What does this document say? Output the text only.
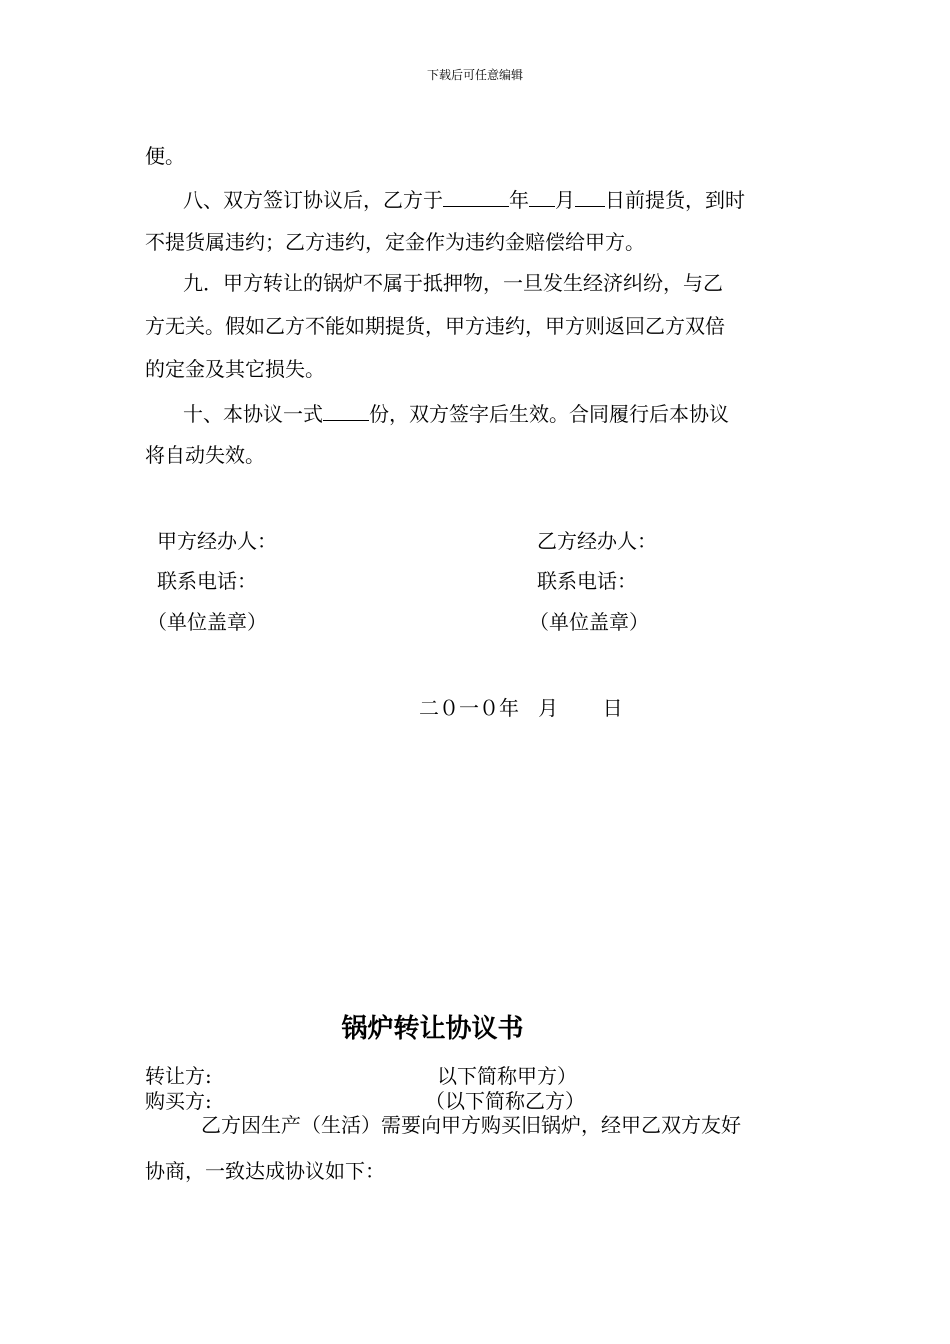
下载后可任意编辑
便。
八、双方签订协议后，乙方于	年 月 日前提货，到时
不提货属违约；乙方违约，定金作为违约金赔偿给甲方。
九．甲方转让的锅炉不属于抵押物，一旦发生经济纠纷，与乙
方无关。假如乙方不能如期提货，甲方违约，甲方则返回乙方双倍
的定金及其它损失。
十、本协议一式 份，双方签字后生效。合同履行后本协议
将自动失效。
甲方经办人：	乙方经办人：
联系电话：	联系电话：
（单位盖章）	（单位盖章）
二０一０年   月       日
锅炉转让协议书
转让方:	以下简称甲方）
购买方:	（以下简称乙方）
乙方因生产（生活）需要向甲方购买旧锅炉，经甲乙双方友好
协商，一致达成协议如下：
